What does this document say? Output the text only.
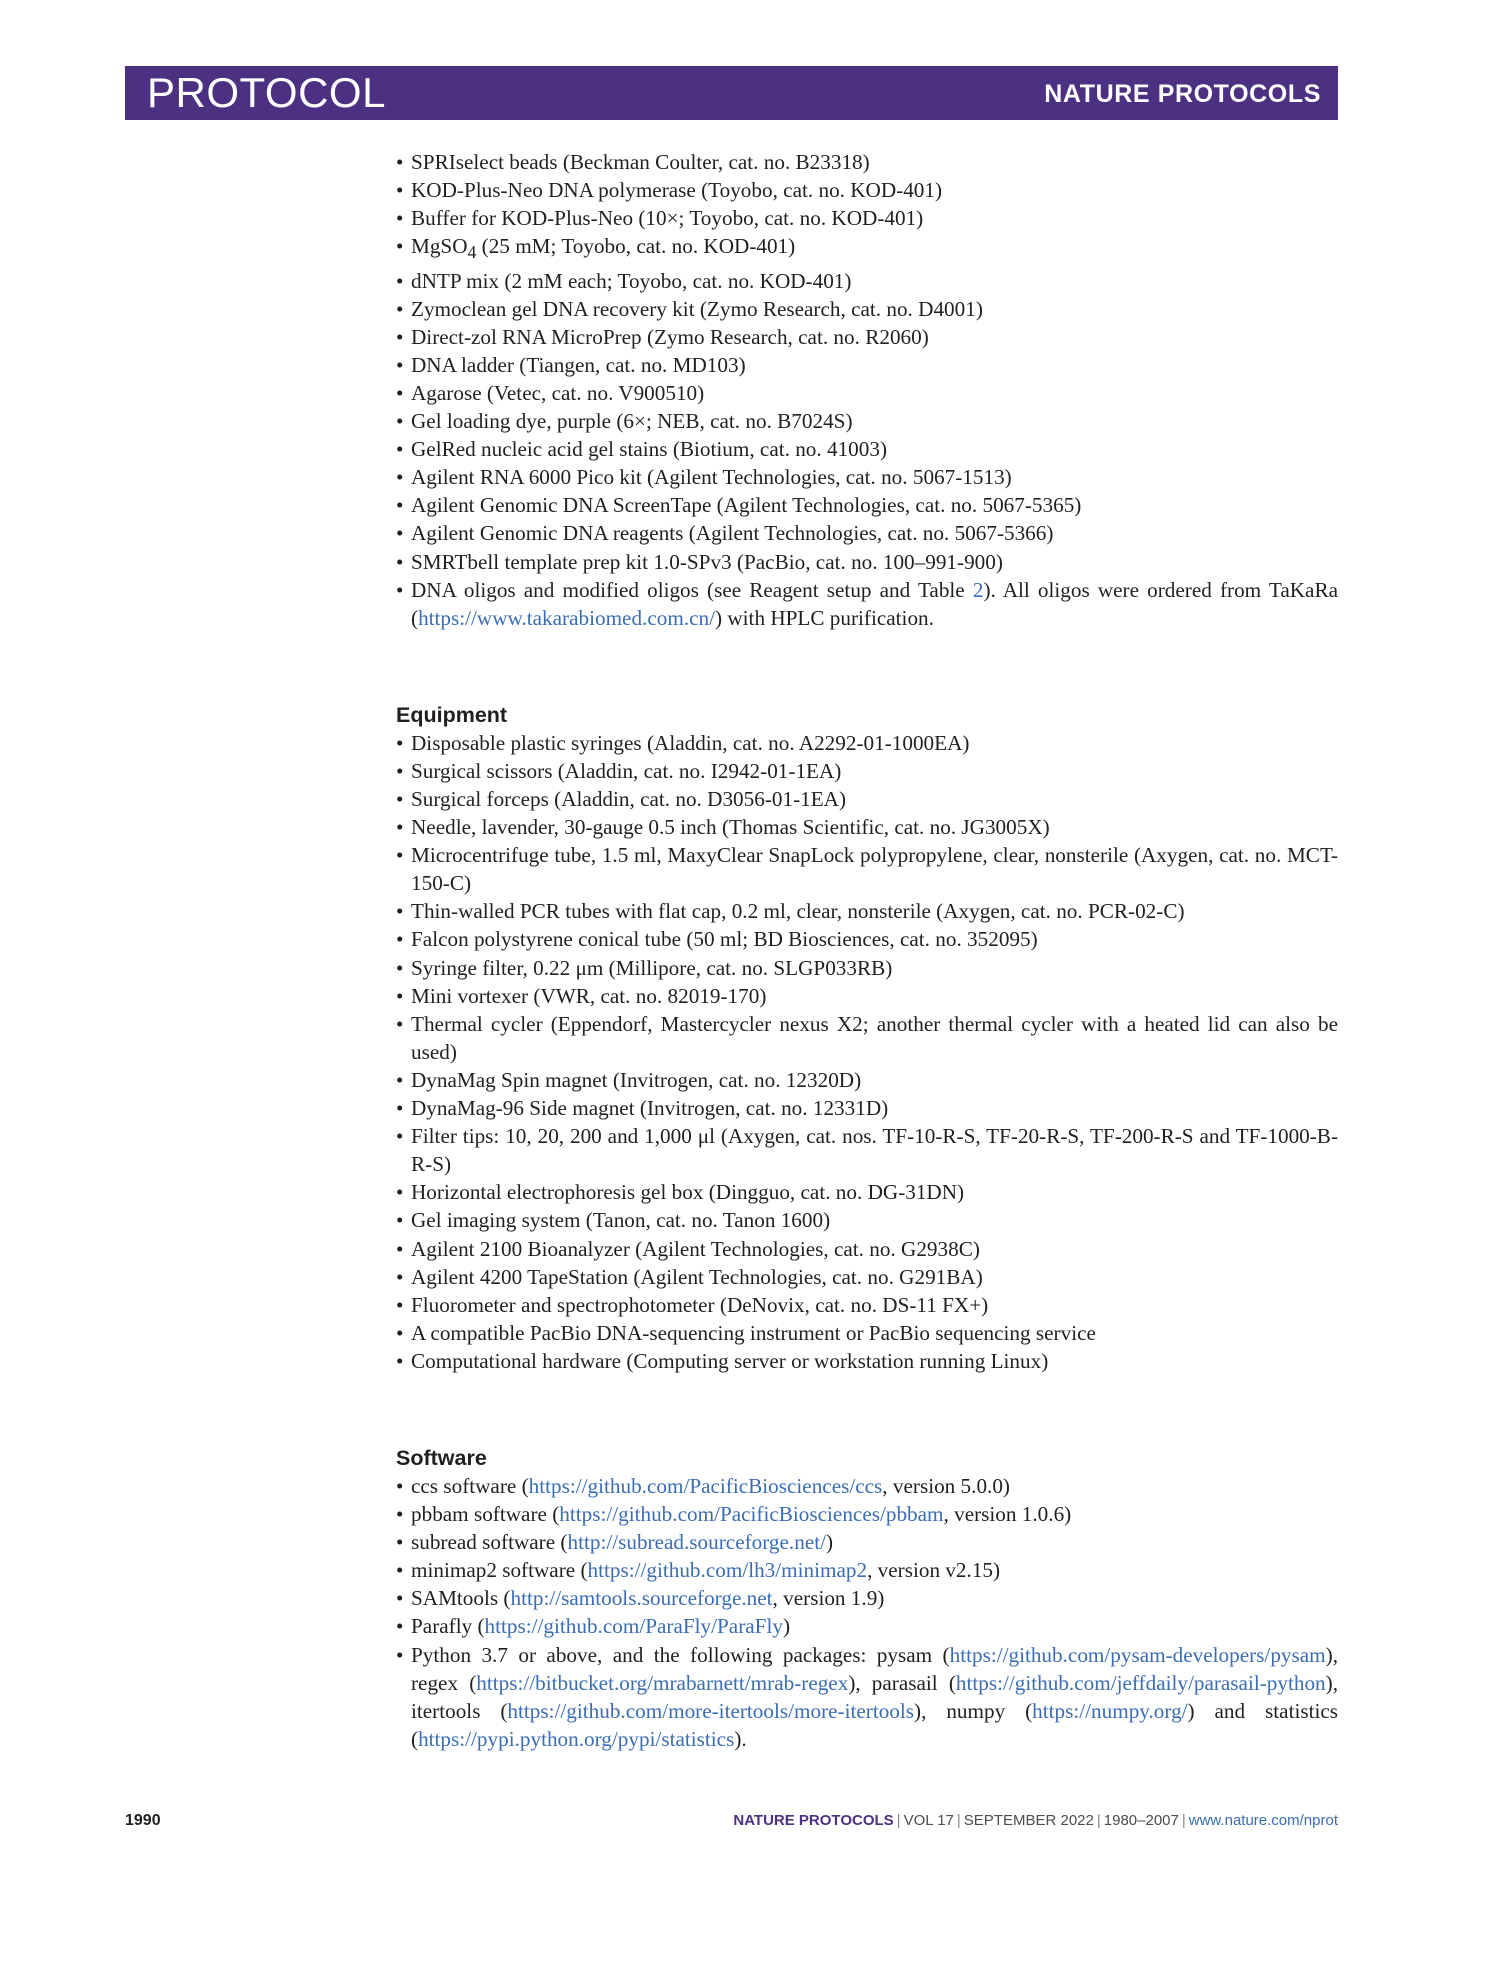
PROTOCOL	NATURE PROTOCOLS
• SPRIselect beads (Beckman Coulter, cat. no. B23318)
• KOD-Plus-Neo DNA polymerase (Toyobo, cat. no. KOD-401)
• Buffer for KOD-Plus-Neo (10×; Toyobo, cat. no. KOD-401)
• MgSO$_4$ (25 mM; Toyobo, cat. no. KOD-401)
• dNTP mix (2 mM each; Toyobo, cat. no. KOD-401)
• Zymoclean gel DNA recovery kit (Zymo Research, cat. no. D4001)
• Direct-zol RNA MicroPrep (Zymo Research, cat. no. R2060)
• DNA ladder (Tiangen, cat. no. MD103)
• Agarose (Vetec, cat. no. V900510)
• Gel loading dye, purple (6×; NEB, cat. no. B7024S)
• GelRed nucleic acid gel stains (Biotium, cat. no. 41003)
• Agilent RNA 6000 Pico kit (Agilent Technologies, cat. no. 5067-1513)
• Agilent Genomic DNA ScreenTape (Agilent Technologies, cat. no. 5067-5365)
• Agilent Genomic DNA reagents (Agilent Technologies, cat. no. 5067-5366)
• SMRTbell template prep kit 1.0-SPv3 (PacBio, cat. no. 100–991-900)
• DNA oligos and modified oligos (see Reagent setup and Table 2). All oligos were ordered from TaKaRa (https://www.takarabiomed.com.cn/) with HPLC purification.
Equipment
• Disposable plastic syringes (Aladdin, cat. no. A2292-01-1000EA)
• Surgical scissors (Aladdin, cat. no. I2942-01-1EA)
• Surgical forceps (Aladdin, cat. no. D3056-01-1EA)
• Needle, lavender, 30-gauge 0.5 inch (Thomas Scientific, cat. no. JG3005X)
• Microcentrifuge tube, 1.5 ml, MaxyClear SnapLock polypropylene, clear, nonsterile (Axygen, cat. no. MCT-150-C)
• Thin-walled PCR tubes with flat cap, 0.2 ml, clear, nonsterile (Axygen, cat. no. PCR-02-C)
• Falcon polystyrene conical tube (50 ml; BD Biosciences, cat. no. 352095)
• Syringe filter, 0.22 μm (Millipore, cat. no. SLGP033RB)
• Mini vortexer (VWR, cat. no. 82019-170)
• Thermal cycler (Eppendorf, Mastercycler nexus X2; another thermal cycler with a heated lid can also be used)
• DynaMag Spin magnet (Invitrogen, cat. no. 12320D)
• DynaMag-96 Side magnet (Invitrogen, cat. no. 12331D)
• Filter tips: 10, 20, 200 and 1,000 μl (Axygen, cat. nos. TF-10-R-S, TF-20-R-S, TF-200-R-S and TF-1000-B-R-S)
• Horizontal electrophoresis gel box (Dingguo, cat. no. DG-31DN)
• Gel imaging system (Tanon, cat. no. Tanon 1600)
• Agilent 2100 Bioanalyzer (Agilent Technologies, cat. no. G2938C)
• Agilent 4200 TapeStation (Agilent Technologies, cat. no. G291BA)
• Fluorometer and spectrophotometer (DeNovix, cat. no. DS-11 FX+)
• A compatible PacBio DNA-sequencing instrument or PacBio sequencing service
• Computational hardware (Computing server or workstation running Linux)
Software
• ccs software (https://github.com/PacificBiosciences/ccs, version 5.0.0)
• pbbam software (https://github.com/PacificBiosciences/pbbam, version 1.0.6)
• subread software (http://subread.sourceforge.net/)
• minimap2 software (https://github.com/lh3/minimap2, version v2.15)
• SAMtools (http://samtools.sourceforge.net, version 1.9)
• Parafly (https://github.com/ParaFly/ParaFly)
• Python 3.7 or above, and the following packages: pysam (https://github.com/pysam-developers/pysam), regex (https://bitbucket.org/mrabarnett/mrab-regex), parasail (https://github.com/jeffdaily/parasail-python), itertools (https://github.com/more-itertools/more-itertools), numpy (https://numpy.org/) and statistics (https://pypi.python.org/pypi/statistics).
1990	NATURE PROTOCOLS | VOL 17 | SEPTEMBER 2022 | 1980–2007 | www.nature.com/nprot
